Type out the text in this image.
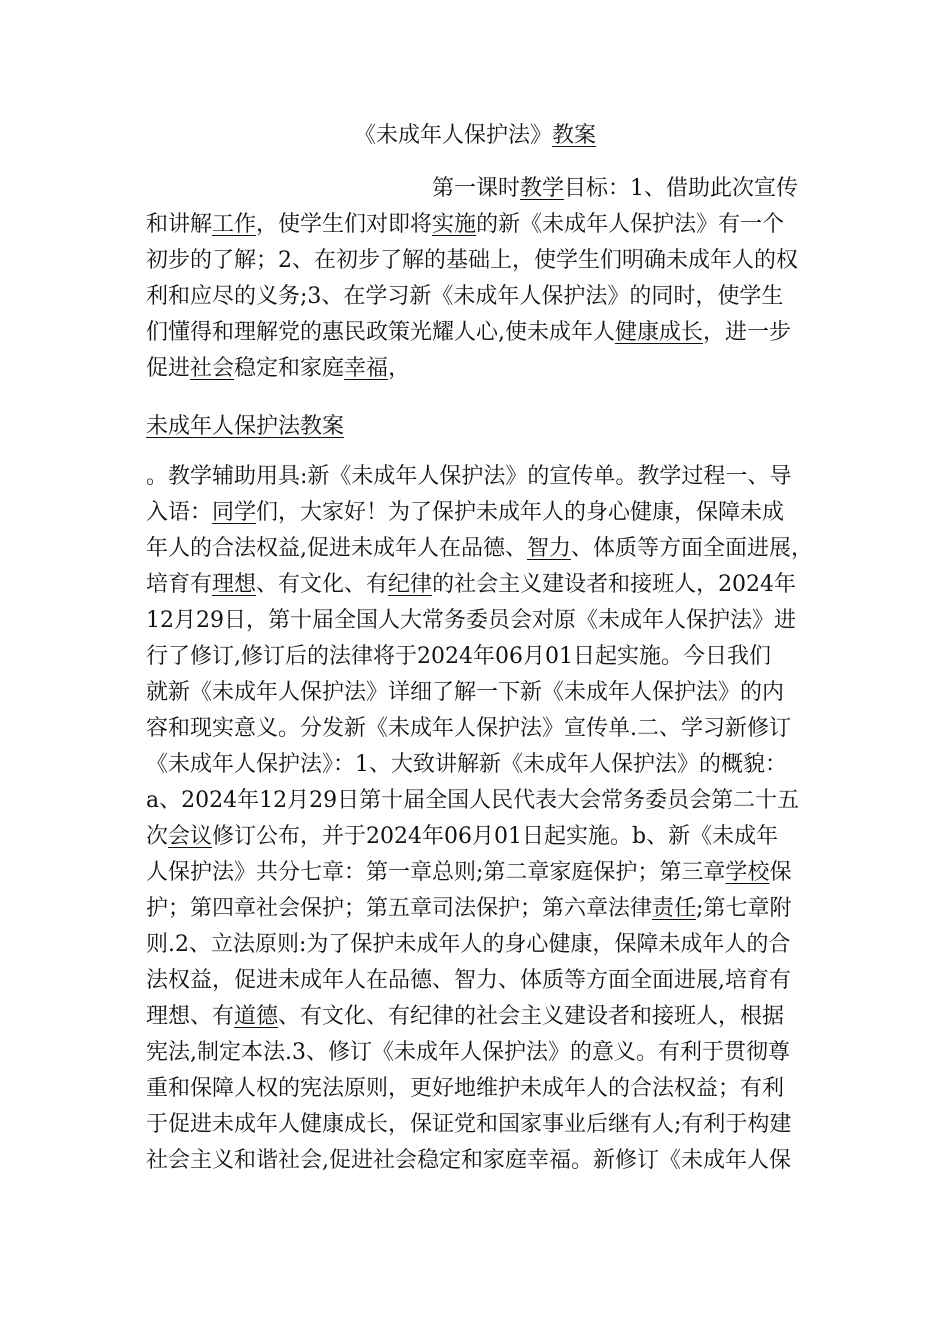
《未成年人保护法》教案
第一课时教学目标：1、借助此次宣传
和讲解工作，使学生们对即将实施的新《未成年人保护法》有一个
初步的了解；2、在初步了解的基础上，使学生们明确未成年人的权
利和应尽的义务;3、在学习新《未成年人保护法》的同时，使学生
们懂得和理解党的惠民政策光耀人心,使未成年人健康成长，进一步
促进社会稳定和家庭幸福，
未成年人保护法教案
。教学辅助用具:新《未成年人保护法》的宣传单。教学过程一、导
入语：同学们，大家好！为了保护未成年人的身心健康，保障未成
年人的合法权益,促进未成年人在品德、智力、体质等方面全面进展，
培育有理想、有文化、有纪律的社会主义建设者和接班人，2024年
12月29日，第十届全国人大常务委员会对原《未成年人保护法》进
行了修订,修订后的法律将于2024年06月01日起实施。今日我们
就新《未成年人保护法》详细了解一下新《未成年人保护法》的内
容和现实意义。分发新《未成年人保护法》宣传单.二、学习新修订
《未成年人保护法》：1、大致讲解新《未成年人保护法》的概貌：
a、2024年12月29日第十届全国人民代表大会常务委员会第二十五
次会议修订公布，并于2024年06月01日起实施。b、新《未成年
人保护法》共分七章：第一章总则;第二章家庭保护；第三章学校保
护；第四章社会保护；第五章司法保护；第六章法律责任;第七章附
则.2、立法原则:为了保护未成年人的身心健康，保障未成年人的合
法权益，促进未成年人在品德、智力、体质等方面全面进展,培育有
理想、有道德、有文化、有纪律的社会主义建设者和接班人，根据
宪法,制定本法.3、修订《未成年人保护法》的意义。有利于贯彻尊
重和保障人权的宪法原则，更好地维护未成年人的合法权益；有利
于促进未成年人健康成长，保证党和国家事业后继有人;有利于构建
社会主义和谐社会,促进社会稳定和家庭幸福。新修订《未成年人保
